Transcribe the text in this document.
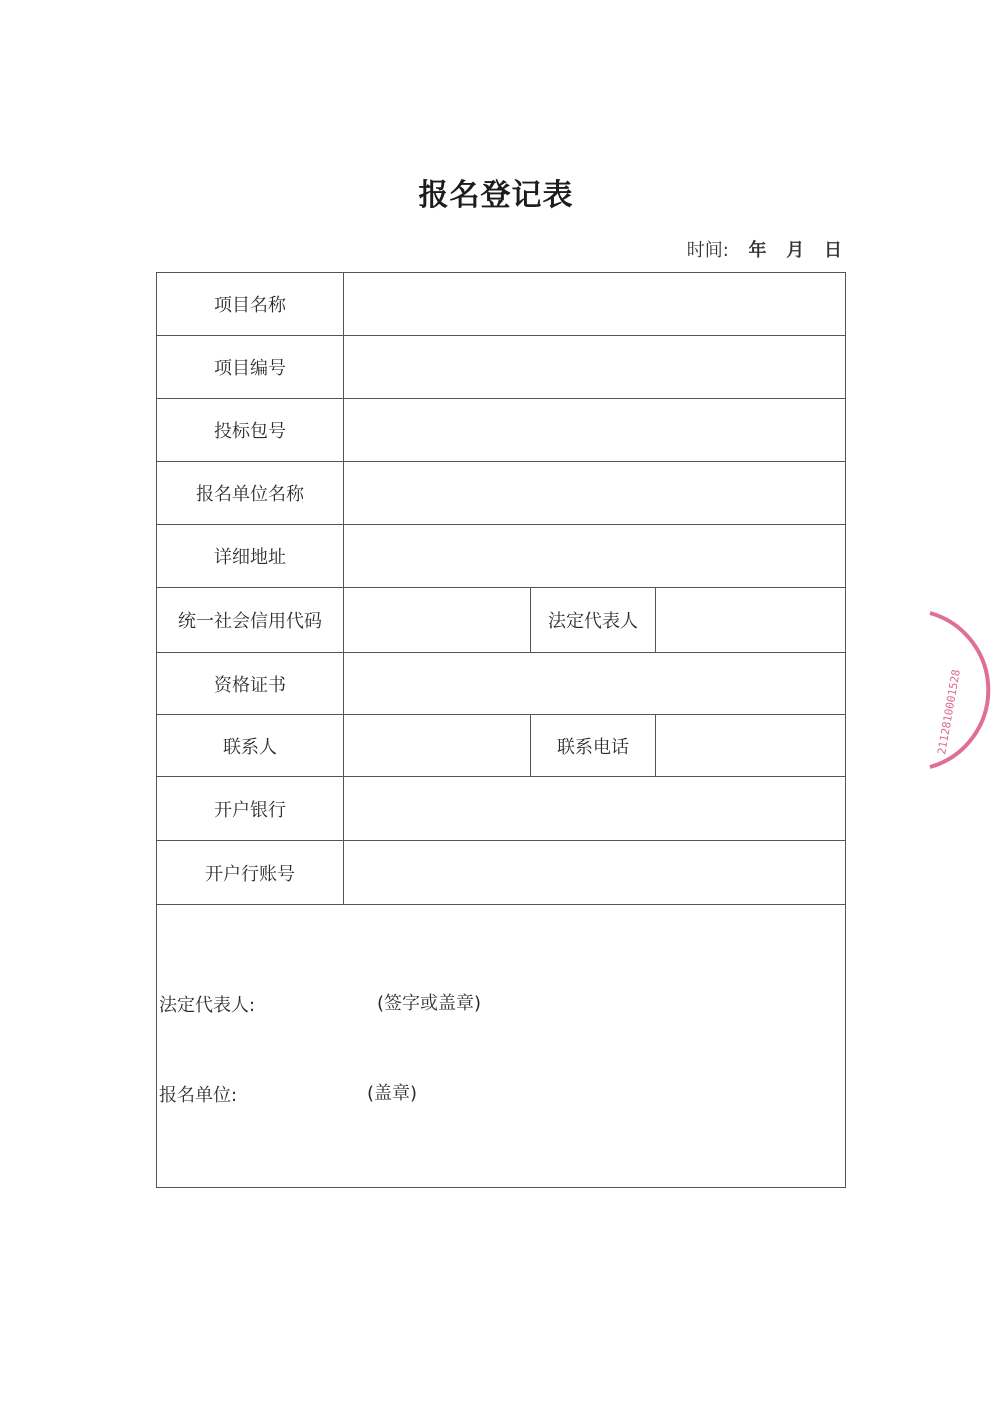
报名登记表
时间: 年 月 日
项目名称
项目编号
投标包号
报名单位名称
详细地址
统一社会信用代码	法定代表人
资格证书
联系人	联系电话
开户银行
开户行账号
法定代表人:	(签字或盖章)
报名单位:	(盖章)
2112810001528
